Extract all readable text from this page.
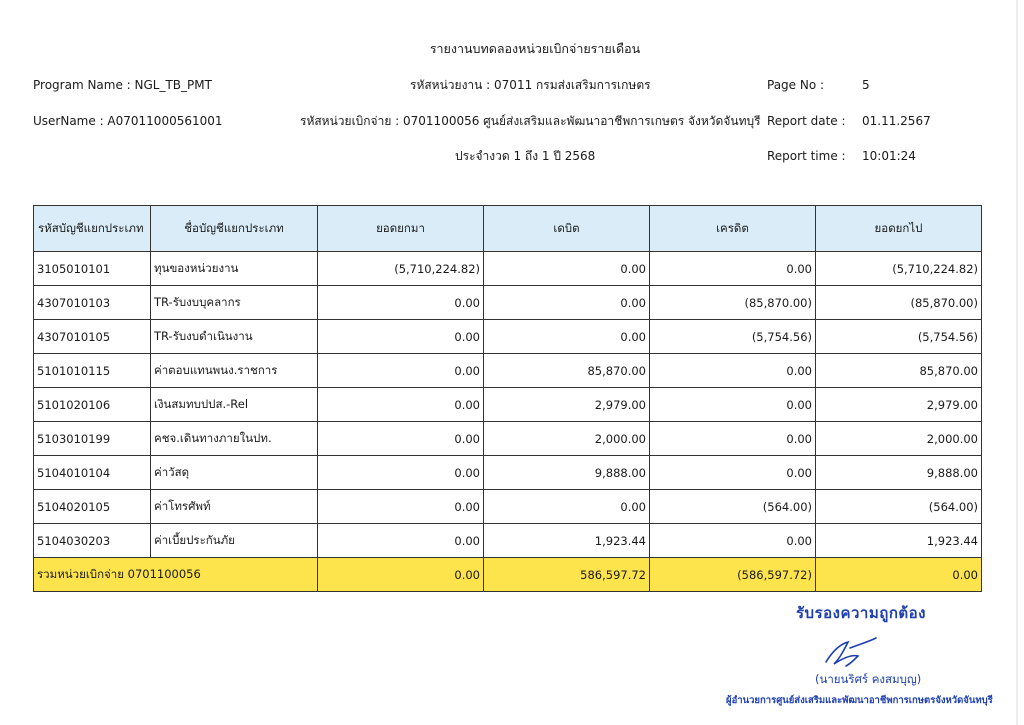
รายงานบทดลองหน่วยเบิกจ่ายรายเดือน
Program Name : NGL_TB_PMT
UserName : A07011000561001
รหัสหน่วยงาน : 07011 กรมส่งเสริมการเกษตร
รหัสหน่วยเบิกจ่าย : 0701100056 ศูนย์ส่งเสริมและพัฒนาอาชีพการเกษตร จังหวัดจันทบุรี
ประจำงวด 1 ถึง 1 ปี 2568
Page No :	5
Report date : 01.11.2567
Report time : 10:01:24
รหัสบัญชีแยกประเภท	ชื่อบัญชีแยกประเภท	ยอดยกมา	เดบิต	เครดิต	ยอดยกไป
3105010101	ทุนของหน่วยงาน	(5,710,224.82)	0.00	0.00	(5,710,224.82)
4307010103	TR-รับงบบุคลากร	0.00	0.00	(85,870.00)	(85,870.00)
4307010105	TR-รับงบดำเนินงาน	0.00	0.00	(5,754.56)	(5,754.56)
5101010115	ค่าตอบแทนพนง.ราชการ	0.00	85,870.00	0.00	85,870.00
5101020106	เงินสมทบปปส.-Rel	0.00	2,979.00	0.00	2,979.00
5103010199	คชจ.เดินทางภายในปท.	0.00	2,000.00	0.00	2,000.00
5104010104	ค่าวัสดุ	0.00	9,888.00	0.00	9,888.00
5104020105	ค่าโทรศัพท์	0.00	0.00	(564.00)	(564.00)
5104030203	ค่าเบี้ยประกันภัย	0.00	1,923.44	0.00	1,923.44
รวมหน่วยเบิกจ่าย 0701100056		0.00	586,597.72	(586,597.72)	0.00
รับรองความถูกต้อง
(นายนริศร์ คงสมบุญ)
ผู้อำนวยการศูนย์ส่งเสริมและพัฒนาอาชีพการเกษตรจังหวัดจันทบุรี
